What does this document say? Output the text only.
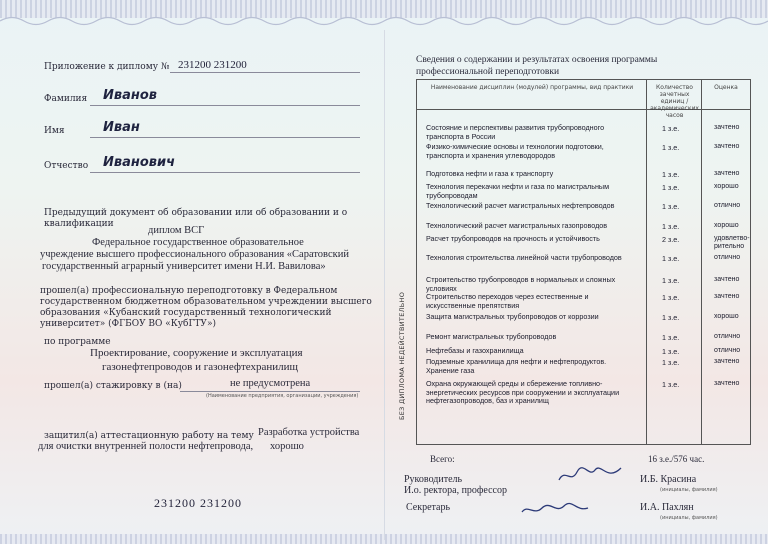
Приложение к диплому № 231200 231200
Фамилия Иванов
Имя	Иван
Отчество Иванович
Предыдущий документ об образовании или об образовании и о
квалификации
диплом ВСГ
Федеральное государственное образовательное
учреждение высшего профессионального образования «Саратовский
государственный аграрный университет имени Н.И. Вавилова»
прошел(а) профессиональную переподготовку в Федеральном
государственном бюджетном образовательном учреждении высшего
образования «Кубанский государственный технологический
университет» (ФГБОУ ВО «КубГТУ»)
по программе
Проектирование, сооружение и эксплуатация
газонефтепроводов и газонефтехранилищ
прошел(а) стажировку в (на)	не предусмотрена
(Наименование предприятия, организации, учреждения)
защитил(а) аттестационную работу на тему Разработка устройства
для очистки внутренней полости нефтепровода, хорошо
231200 231200
Сведения о содержании и результатах освоения программы
профессиональной переподготовки
Наименование дисциплин (модулей) программы, вид практики	Количество зачетных единиц / академических часов
Оценка
БЕЗ ДИПЛОМА НЕДЕЙСТВИТЕЛЬНО
Состояние и перспективы развития трубопроводного транспорта в России
1 з.е.	зачтено
Физико-химические основы и технологии подготовки, транспорта и хранения углеводородов
1 з.е.	зачтено
Подготовка нефти и газа к транспорту	1 з.е.	зачтено
Технология перекачки нефти и газа по магистральным трубопроводам
1 з.е.	хорошо
Технологический расчет магистральных нефтепроводов	1 з.е.	отлично
Технологический расчет магистральных газопроводов	1 з.е.	хорошо
Расчет трубопроводов на прочность и устойчивость	2 з.е.	удовлетво-рительно
Технология строительства линейной части трубопроводов	1 з.е.	отлично
Строительство трубопроводов в нормальных и сложных условиях
1 з.е.	зачтено
Строительство переходов через естественные и искусственные препятствия
1 з.е.	зачтено
Защита магистральных трубопроводов от коррозии	1 з.е.	хорошо
Ремонт магистральных трубопроводов	1 з.е.	отлично
Нефтебазы и газохранилища	1 з.е.	отлично
Подземные хранилища для нефти и нефтепродуктов. Хранение газа
1 з.е.	зачтено
Охрана окружающей среды и сбережение топливно-энергетических ресурсов при сооружении и эксплуатации нефтегазопроводов, баз и хранилищ
1 з.е.	зачтено
Всего:	16 з.е./576 час.
Руководитель
И.о. ректора, профессор
И.Б. Красина
(инициалы, фамилия)
Секретарь	И.А. Пахлян
(инициалы, фамилия)
